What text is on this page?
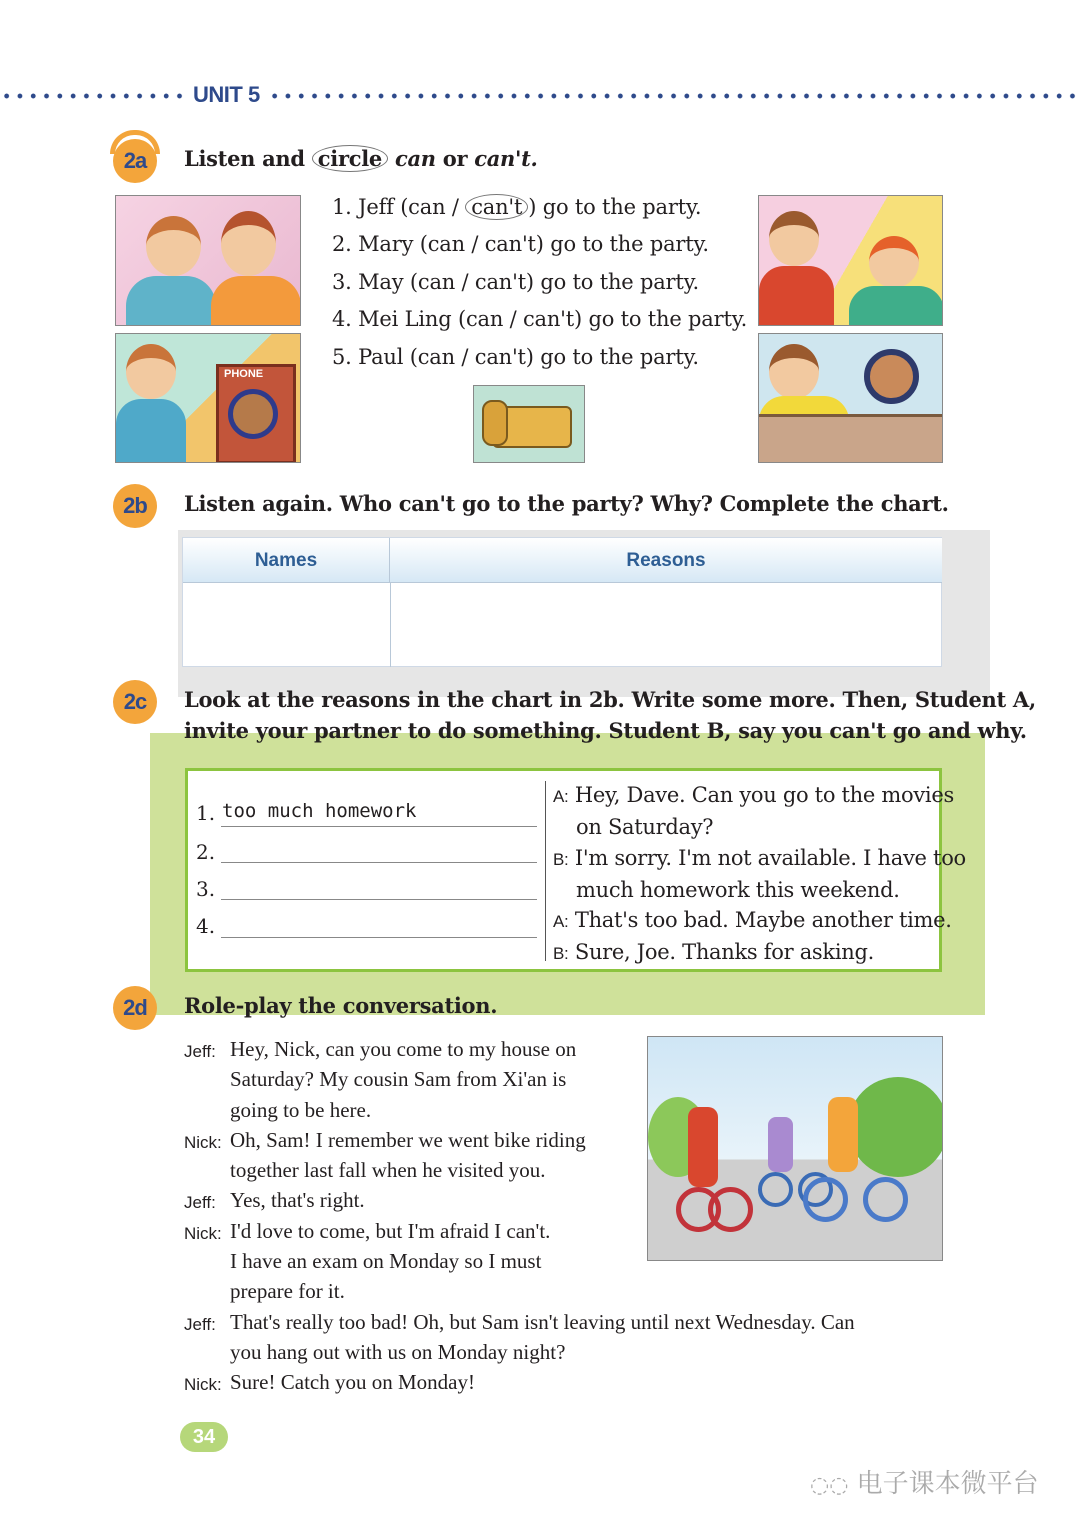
UNIT 5
2a	Listen and circle can or can't.
PHONE
1. Jeff (can / can't ) go to the party.
2. Mary (can / can't) go to the party.
3. May (can / can't) go to the party.
4. Mei Ling (can / can't) go to the party.
5. Paul (can / can't) go to the party.
2b	Listen again. Who can't go to the party? Why? Complete the chart.
Names	Reasons
2c	Look at the reasons in the chart in 2b. Write some more. Then, Student A,
invite your partner to do something. Student B, say you can't go and why.
1. too much homework
2.
3.
4.
A: Hey, Dave. Can you go to the movies
on Saturday?
B: I'm sorry. I'm not available. I have too
much homework this weekend.
A: That's too bad. Maybe another time.
B: Sure, Joe. Thanks for asking.
2d	Role-play the conversation.
Jeff: Hey, Nick, can you come to my house on
Saturday? My cousin Sam from Xi'an is
going to be here.
Nick: Oh, Sam! I remember we went bike riding
together last fall when he visited you.
Jeff: Yes, that's right.
Nick: I'd love to come, but I'm afraid I can't.
I have an exam on Monday so I must
prepare for it.
Jeff: That's really too bad! Oh, but Sam isn't leaving until next Wednesday. Can
you hang out with us on Monday night?
Nick: Sure! Catch you on Monday!
34
◌◌ 电子课本微平台
